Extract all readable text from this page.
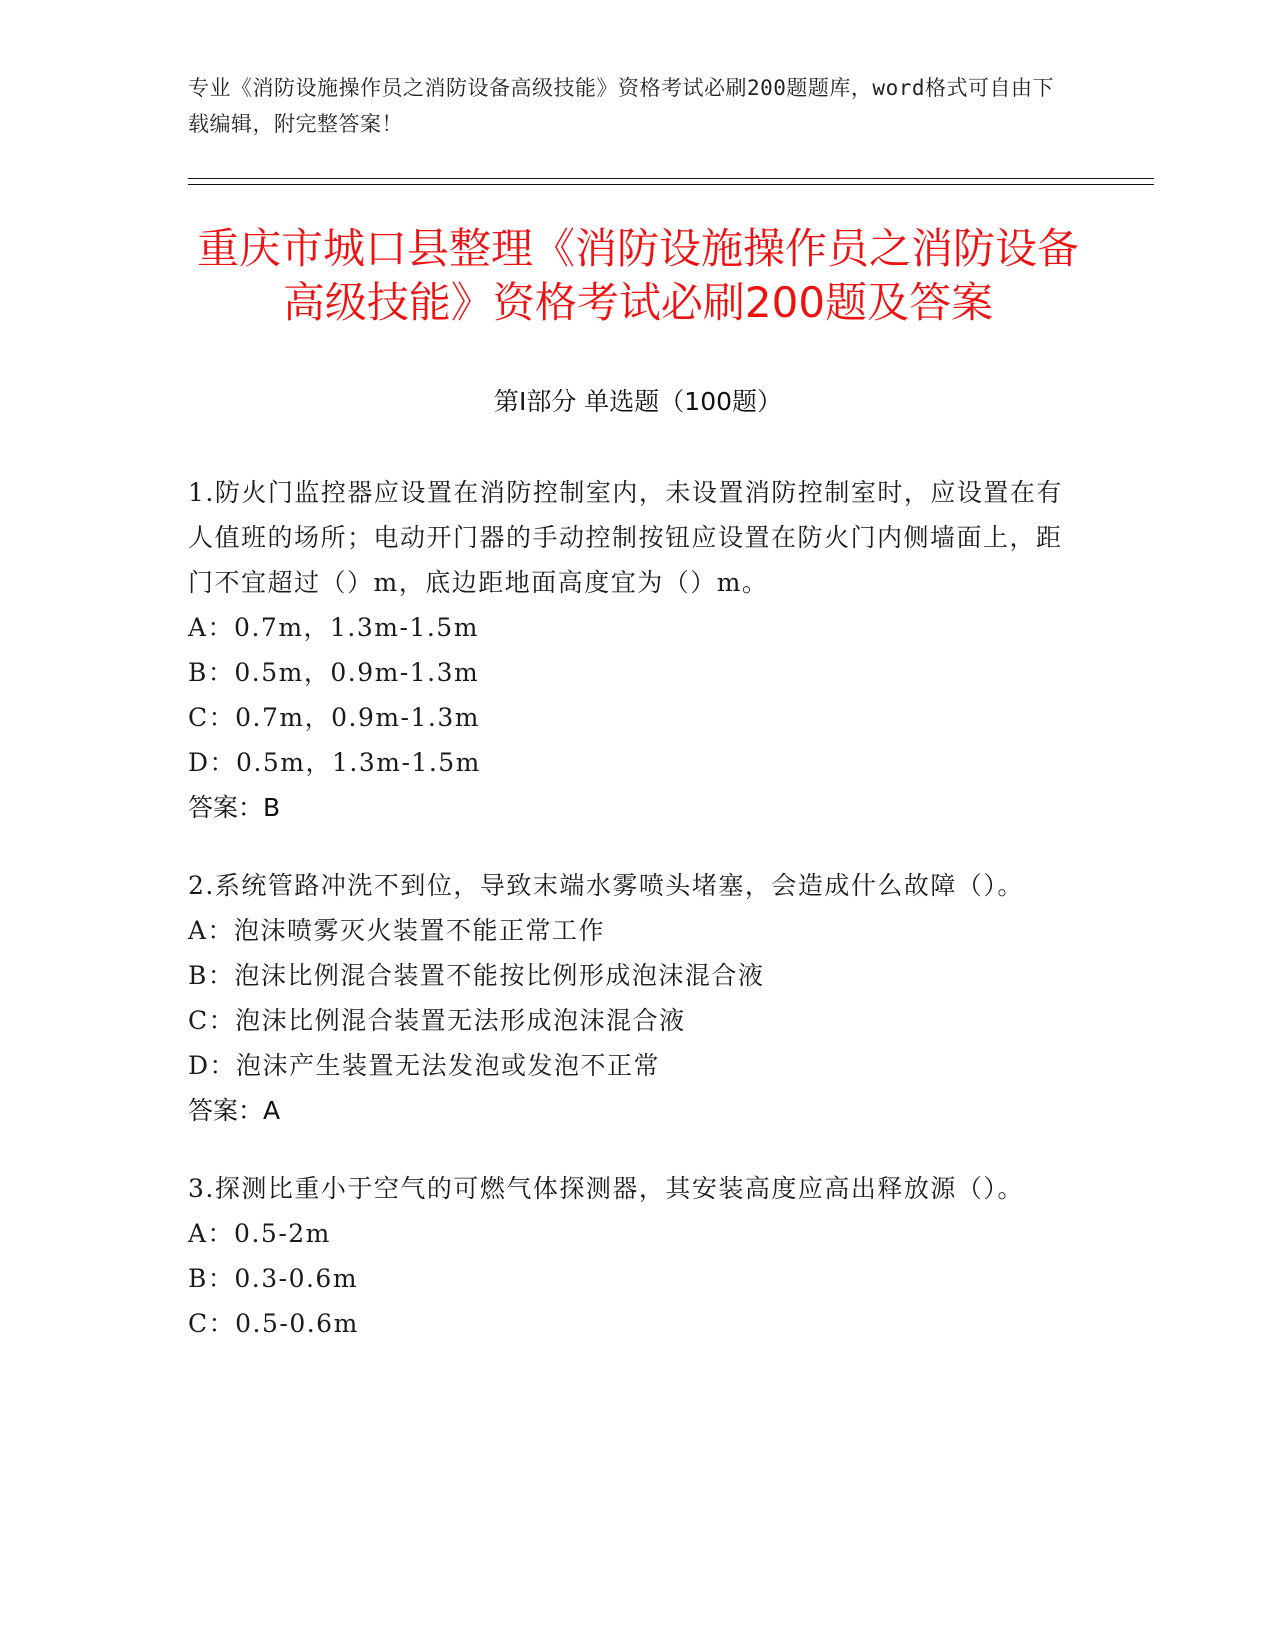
专业《消防设施操作员之消防设备高级技能》资格考试必刷200题题库，word格式可自由下载编辑，附完整答案！
重庆市城口县整理《消防设施操作员之消防设备高级技能》资格考试必刷200题及答案
第Ⅰ部分 单选题（100题）
1.防火门监控器应设置在消防控制室内，未设置消防控制室时，应设置在有人值班的场所；电动开门器的手动控制按钮应设置在防火门内侧墙面上，距门不宜超过（）m，底边距地面高度宜为（）m。
A：0.7m，1.3m-1.5m
B：0.5m，0.9m-1.3m
C：0.7m，0.9m-1.3m
D：0.5m，1.3m-1.5m
答案：B
2.系统管路冲洗不到位，导致末端水雾喷头堵塞，会造成什么故障（）。
A：泡沫喷雾灭火装置不能正常工作
B：泡沫比例混合装置不能按比例形成泡沫混合液
C：泡沫比例混合装置无法形成泡沫混合液
D：泡沫产生装置无法发泡或发泡不正常
答案：A
3.探测比重小于空气的可燃气体探测器，其安装高度应高出释放源（）。
A：0.5-2m
B：0.3-0.6m
C：0.5-0.6m
